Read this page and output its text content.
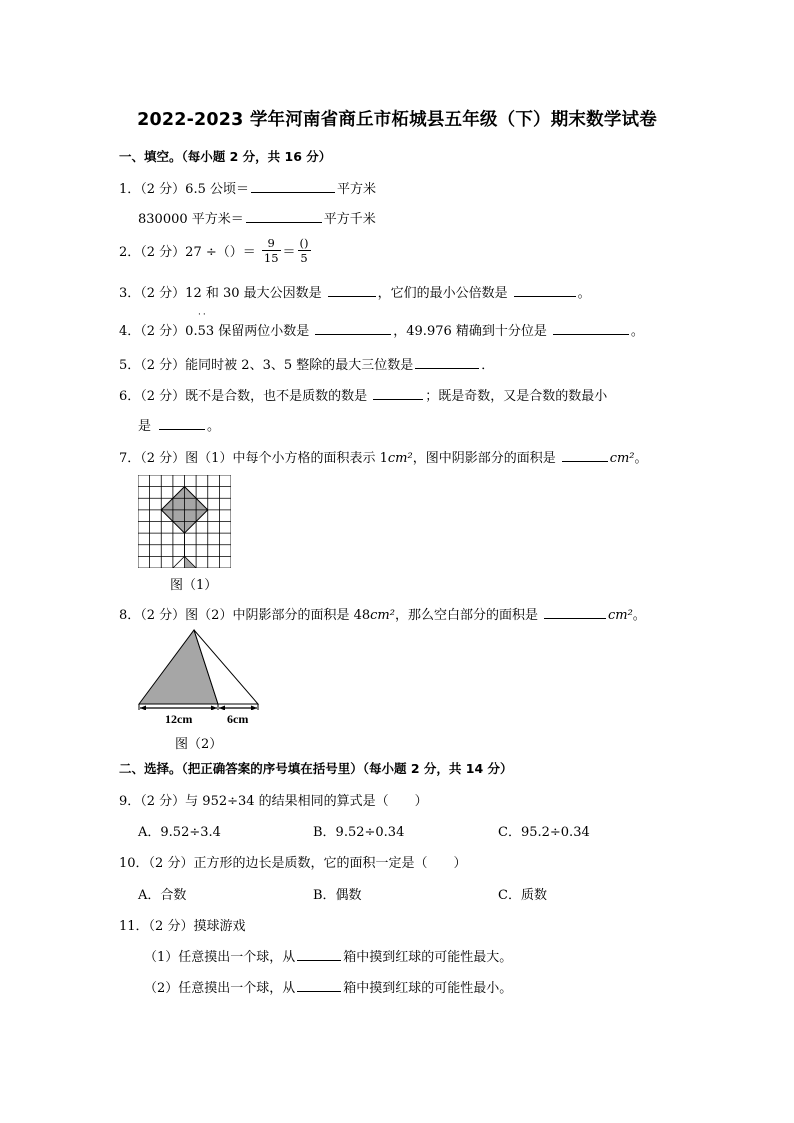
2022-2023 学年河南省商丘市柘城县五年级（下）期末数学试卷
一、填空。（每小题 2 分，共 16 分）
1．（2 分）6.5 公顷＝	平方米
830000 平方米＝	平方千米
2．（2 分）27 ÷（）＝ $\frac{9}{15} = \frac{()}{5}$
3．（2 分）12 和 30 最大公因数是	，它们的最小公倍数是	。
··
4．（2 分）0.53 保留两位小数是	，49.976 精确到十分位是	。
5．（2 分）能同时被 2、3、5 整除的最大三位数是	．
6．（2 分）既不是合数，也不是质数的数是	；既是奇数，又是合数的数最小
是	。
7．（2 分）图（1）中每个小方格的面积表示 1cm²，图中阴影部分的面积是	cm²。
图（1）
8．（2 分）图（2）中阴影部分的面积是 48cm²，那么空白部分的面积是	cm²。
12cm	6cm
图（2）
二、选择。（把正确答案的序号填在括号里）（每小题 2 分，共 14 分）
9．（2 分）与 952÷34 的结果相同的算式是（　　）
A．9.52÷3.4	B．9.52÷0.34	C．95.2÷0.34
10．（2 分）正方形的边长是质数，它的面积一定是（　　）
A．合数	B．偶数	C．质数
11．（2 分）摸球游戏
（1）任意摸出一个球，从	箱中摸到红球的可能性最大。
（2）任意摸出一个球，从	箱中摸到红球的可能性最小。
